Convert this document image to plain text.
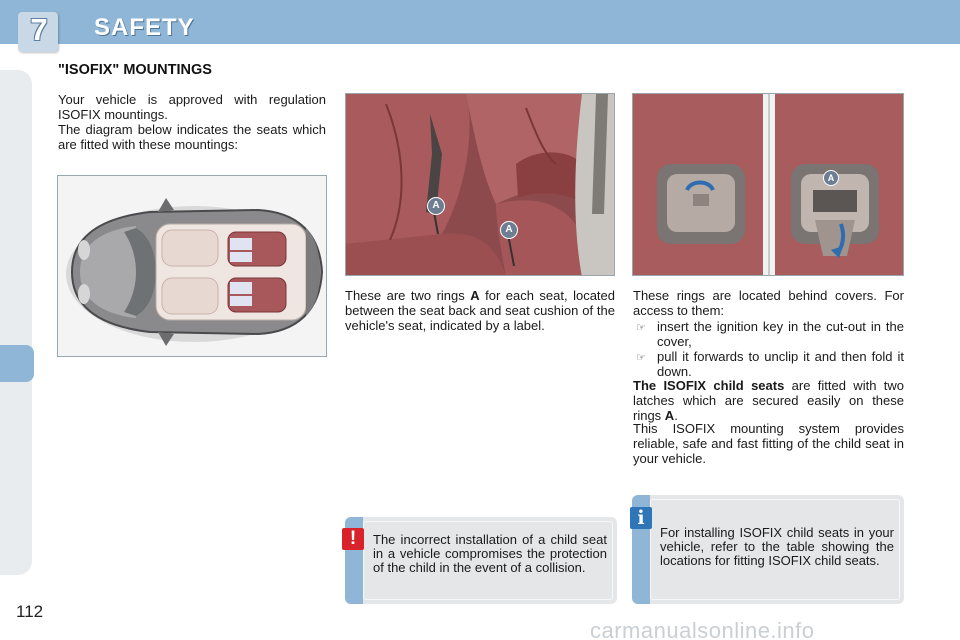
7	SAFETY
"ISOFIX" MOUNTINGS
Your vehicle is approved with regulation ISOFIX mountings.
The diagram below indicates the seats which are fitted with these mountings:
A
A
A
These are two rings A for each seat, located between the seat back and seat cushion of the vehicle's seat, indicated by a label.
These rings are located behind covers. For access to them:
☞ insert the ignition key in the cut-out in the cover,
☞ pull it forwards to unclip it and then fold it down.
The ISOFIX child seats are fitted with two latches which are secured easily on these rings A.
This ISOFIX mounting system provides reliable, safe and fast fitting of the child seat in your vehicle.
The incorrect installation of a child seat in a vehicle compromises the protection of the child in the event of a collision.
!	For installing ISOFIX child seats in your vehicle, refer to the table showing the locations for fitting ISOFIX child seats.
i
112
carmanualsonline.info
